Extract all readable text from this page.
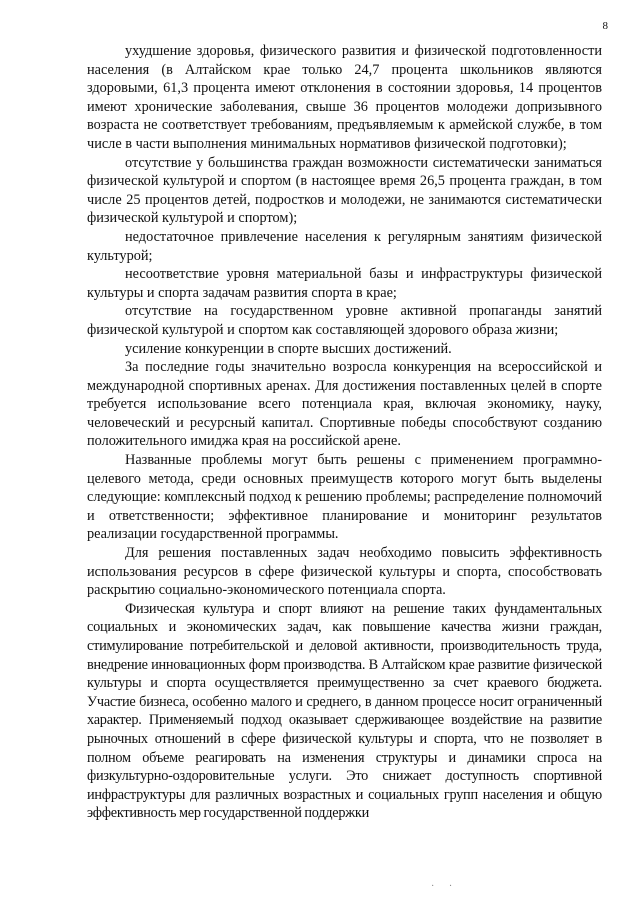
8

ухудшение здоровья, физического развития и физической подготовленности населения (в Алтайском крае только 24,7 процента школьников являются здоровыми, 61,3 процента имеют отклонения в состоянии здоровья, 14 процентов имеют хронические заболевания, свыше 36 процентов молодежи допризывного возраста не соответствует требованиям, предъявляемым к армейской службе, в том числе в части выполнения минимальных нормативов физической подготовки);

отсутствие у большинства граждан возможности систематически заниматься физической культурой и спортом (в настоящее время 26,5 процента граждан, в том числе 25 процентов детей, подростков и молодежи, не занимаются систематически физической культурой и спортом);

недостаточное привлечение населения к регулярным занятиям физической культурой;

несоответствие уровня материальной базы и инфраструктуры физической культуры и спорта задачам развития спорта в крае;

отсутствие на государственном уровне активной пропаганды занятий физической культурой и спортом как составляющей здорового образа жизни;

усиление конкуренции в спорте высших достижений.

За последние годы значительно возросла конкуренция на всероссийской и международной спортивных аренах. Для достижения поставленных целей в спорте требуется использование всего потенциала края, включая экономику, науку, человеческий и ресурсный капитал. Спортивные победы способствуют созданию положительного имиджа края на российской арене.

Названные проблемы могут быть решены с применением программно-целевого метода, среди основных преимуществ которого могут быть выделены следующие: комплексный подход к решению проблемы; распределение полномочий и ответственности; эффективное планирование и мониторинг результатов реализации государственной программы.

Для решения поставленных задач необходимо повысить эффективность использования ресурсов в сфере физической культуры и спорта, способствовать раскрытию социально-экономического потенциала спорта.

Физическая культура и спорт влияют на решение таких фундаментальных социальных и экономических задач, как повышение качества жизни граждан, стимулирование потребительской и деловой активности, производительность труда, внедрение инновационных форм производства. В Алтайском крае развитие физической культуры и спорта осуществляется преимущественно за счет краевого бюджета. Участие бизнеса, особенно малого и среднего, в данном процессе носит ограниченный характер. Применяемый подход оказывает сдерживающее воздействие на развитие рыночных отношений в сфере физической культуры и спорта, что не позволяет в полном объеме реагировать на изменения структуры и динамики спроса на физкультурно-оздоровительные услуги. Это снижает доступность спортивной инфраструктуры для различных возрастных и социальных групп населения и общую эффективность мер государственной поддержки

· ·
